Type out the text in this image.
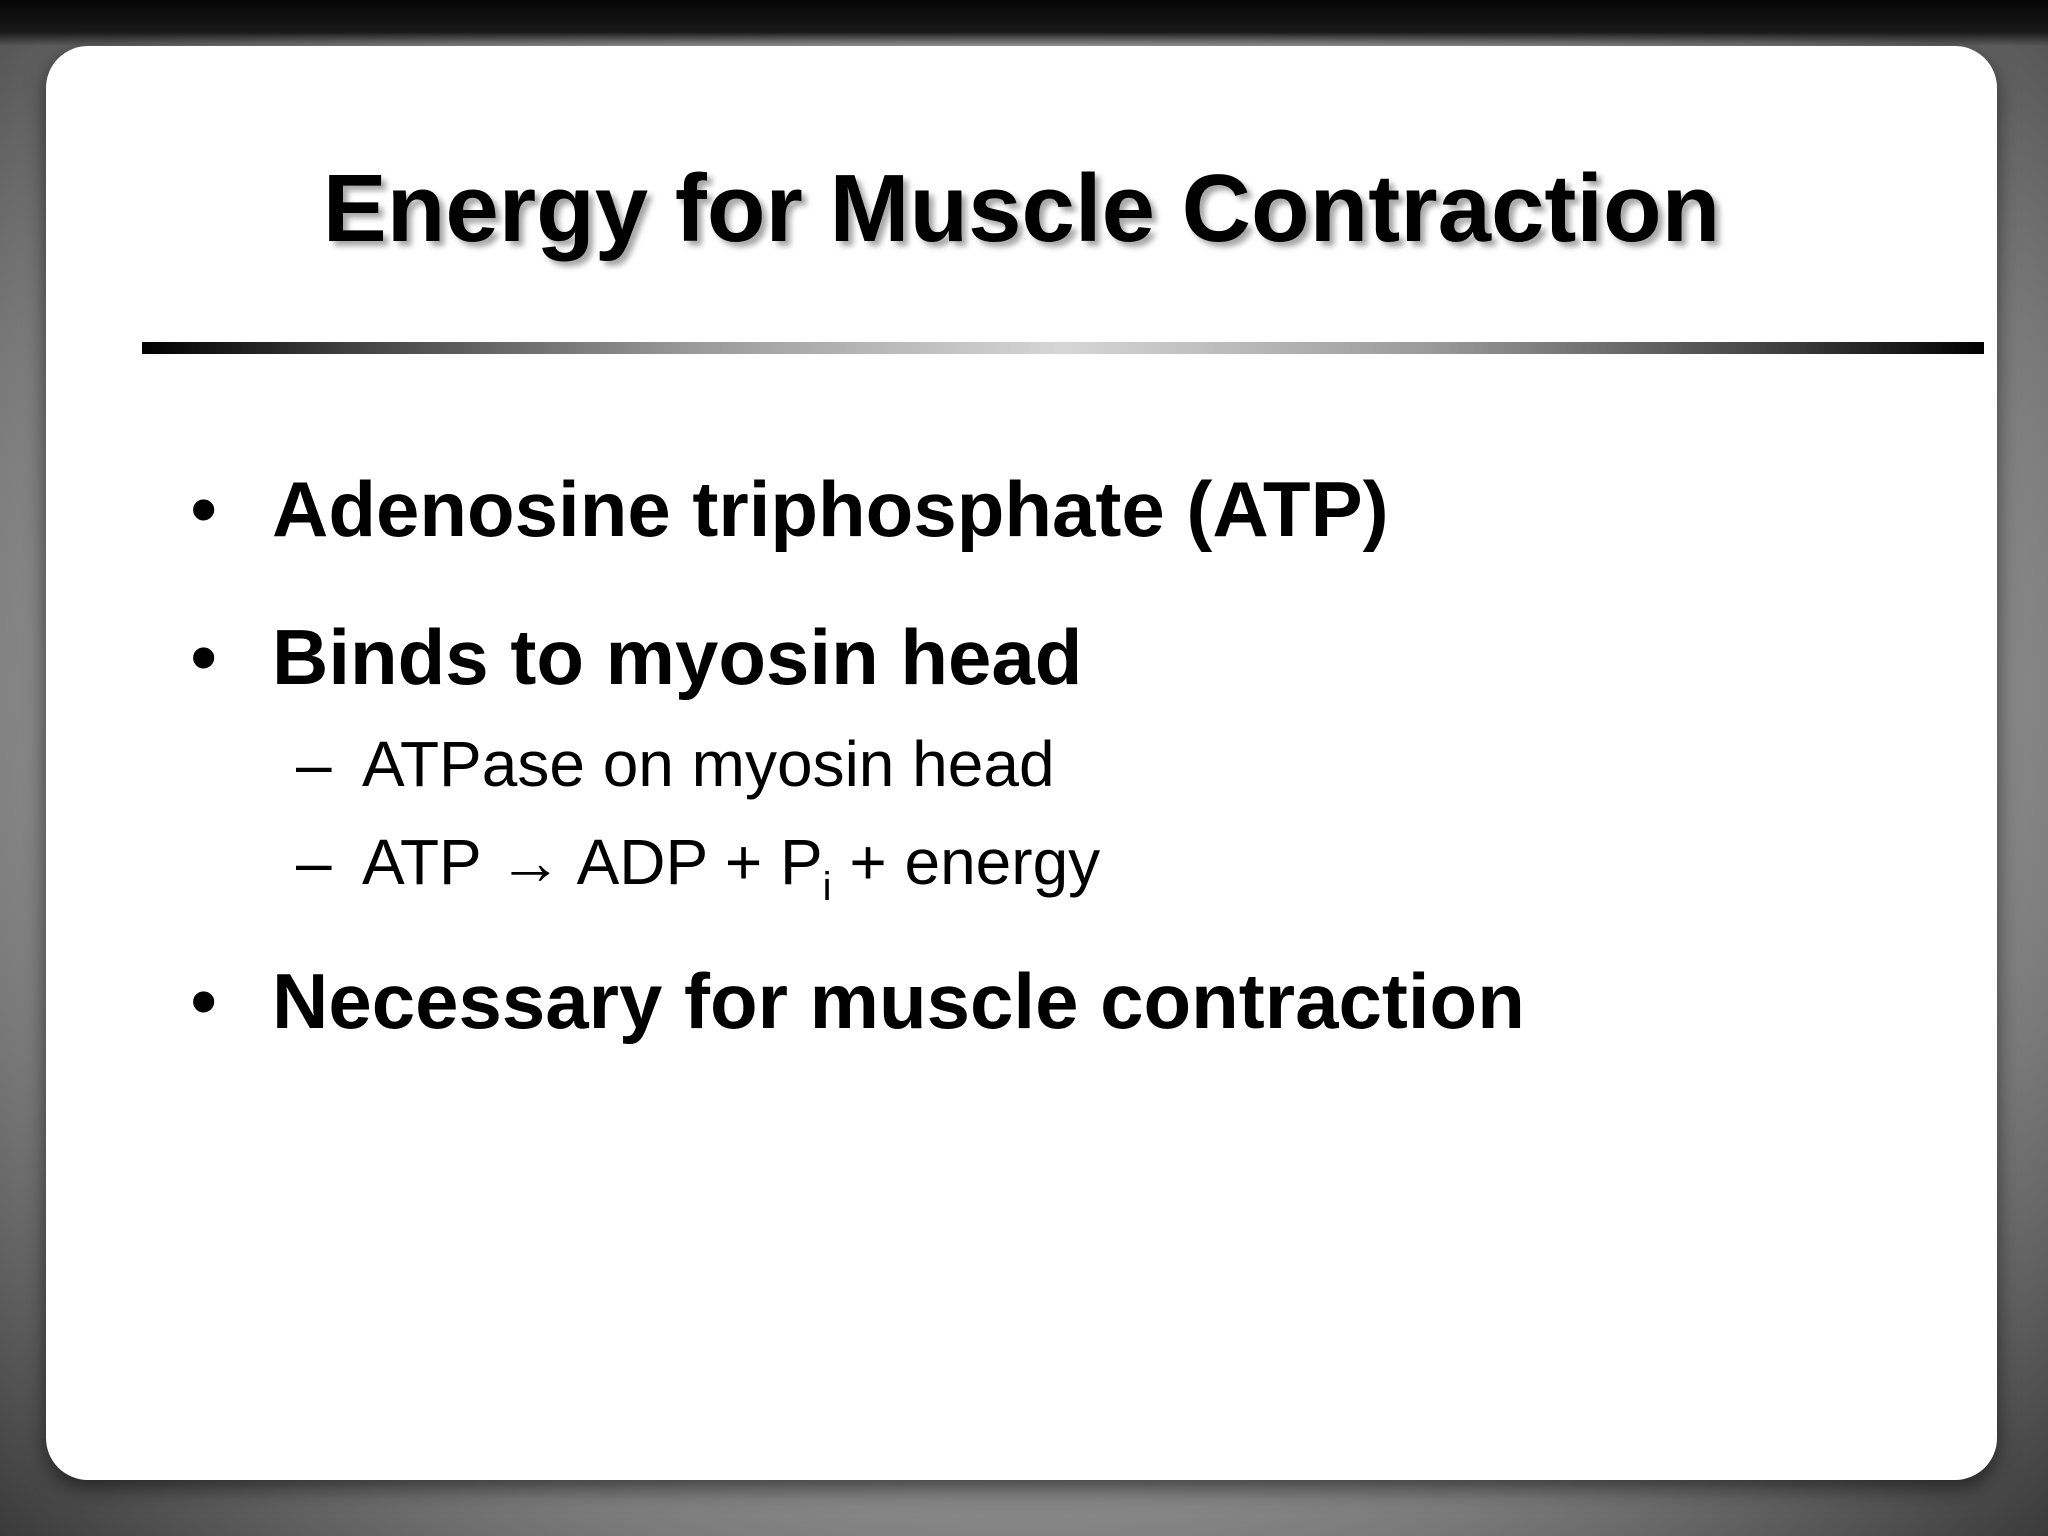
Energy for Muscle Contraction
• Adenosine triphosphate (ATP)
• Binds to myosin head
– ATPase on myosin head
– ATP → ADP + $P_i$ + energy
• Necessary for muscle contraction
